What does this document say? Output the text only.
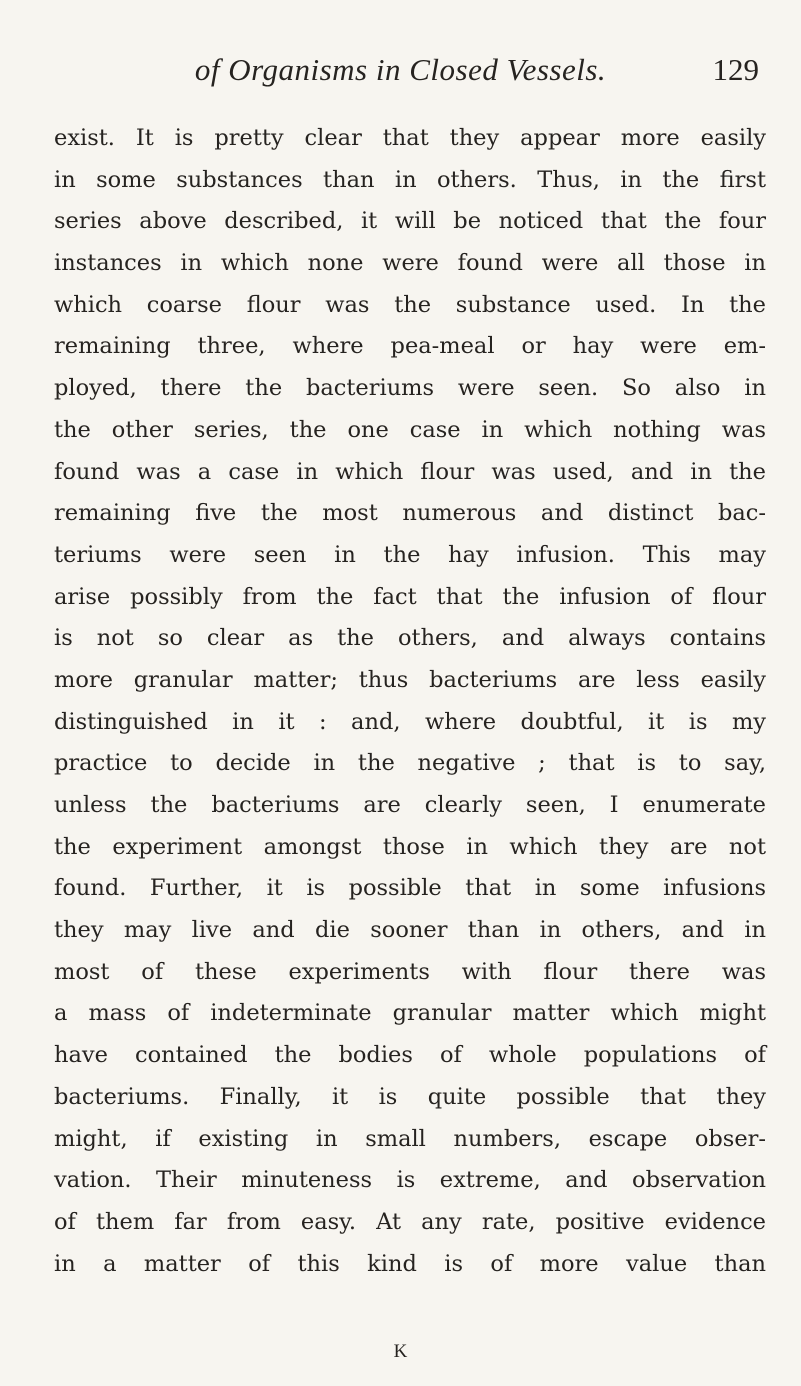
of Organisms in Closed Vessels.	129
exist. It is pretty clear that they appear more easily
in some substances than in others. Thus, in the first
series above described, it will be noticed that the four
instances in which none were found were all those in
which coarse flour was the substance used. In the
remaining three, where pea-meal or hay were em-
ployed, there the bacteriums were seen. So also in
the other series, the one case in which nothing was
found was a case in which flour was used, and in the
remaining five the most numerous and distinct bac-
teriums were seen in the hay infusion. This may
arise possibly from the fact that the infusion of flour
is not so clear as the others, and always contains
more granular matter; thus bacteriums are less easily
distinguished in it : and, where doubtful, it is my
practice to decide in the negative ; that is to say,
unless the bacteriums are clearly seen, I enumerate
the experiment amongst those in which they are not
found. Further, it is possible that in some infusions
they may live and die sooner than in others, and in
most of these experiments with flour there was
a mass of indeterminate granular matter which might
have contained the bodies of whole populations of
bacteriums. Finally, it is quite possible that they
might, if existing in small numbers, escape obser-
vation. Their minuteness is extreme, and observation
of them far from easy. At any rate, positive evidence
in a matter of this kind is of more value than
K
